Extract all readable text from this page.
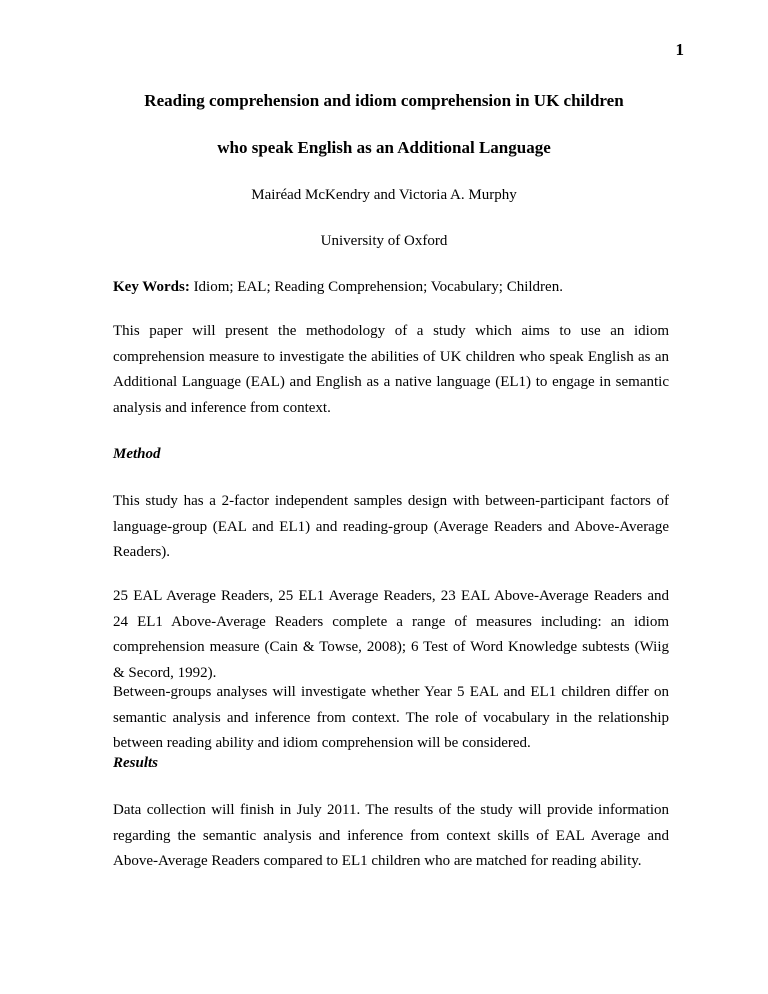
1
Reading comprehension and idiom comprehension in UK children
who speak English as an Additional Language
Mairéad McKendry and Victoria A. Murphy
University of Oxford
Key Words: Idiom; EAL; Reading Comprehension; Vocabulary; Children.
This paper will present the methodology of a study which aims to use an idiom comprehension measure to investigate the abilities of UK children who speak English as an Additional Language (EAL) and English as a native language (EL1) to engage in semantic analysis and inference from context.
Method
This study has a 2-factor independent samples design with between-participant factors of language-group (EAL and EL1) and reading-group (Average Readers and Above-Average Readers).
25 EAL Average Readers, 25 EL1 Average Readers, 23 EAL Above-Average Readers and 24 EL1 Above-Average Readers complete a range of measures including: an idiom comprehension measure (Cain & Towse, 2008); 6 Test of Word Knowledge subtests (Wiig & Secord, 1992).
Between-groups analyses will investigate whether Year 5 EAL and EL1 children differ on semantic analysis and inference from context. The role of vocabulary in the relationship between reading ability and idiom comprehension will be considered.
Results
Data collection will finish in July 2011. The results of the study will provide information regarding the semantic analysis and inference from context skills of EAL Average and Above-Average Readers compared to EL1 children who are matched for reading ability.
